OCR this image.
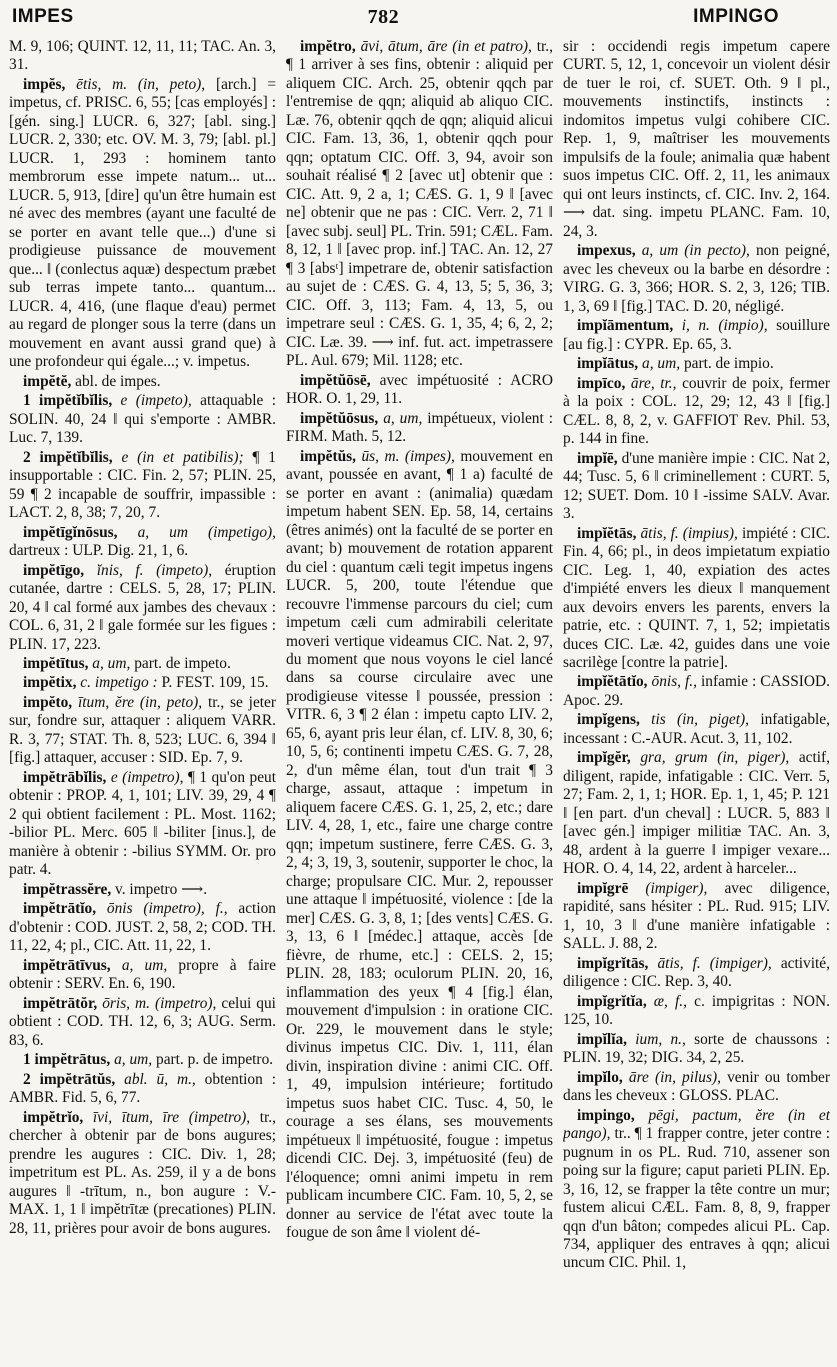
IMPES	782	IMPINGO

M. 9, 106; QUINT. 12, 11, 11; TAC. An. 3, 31.

impĕs, ētis, m. (in, peto), [arch.] = impetus, cf. PRISC. 6, 55; [cas employés] : [gén. sing.] LUCR. 6, 327; [abl. sing.] LUCR. 2, 330; etc. OV. M. 3, 79; [abl. pl.] LUCR. 1, 293 : hominem tanto membrorum esse impete natum... ut... LUCR. 5, 913, [dire] qu'un être humain est né avec des membres (ayant une faculté de se porter en avant telle que...) d'une si prodigieuse puissance de mouvement que... ‖ (conlectus aquæ) despectum præbet sub terras impete tanto... quantum... LUCR. 4, 416, (une flaque d'eau) permet au regard de plonger sous la terre (dans un mouvement en avant aussi grand que) à une profondeur qui égale...; v. impetus.

impĕtĕ, abl. de impes.

1 impĕtĭbĭlis, e (impeto), attaquable : SOLIN. 40, 24 ‖ qui s'emporte : AMBR. Luc. 7, 139.

2 impĕtĭbĭlis, e (in et patibilis); ¶ 1 insupportable : CIC. Fin. 2, 57; PLIN. 25, 59 ¶ 2 incapable de souffrir, impassible : LACT. 2, 8, 38; 7, 20, 7.

impĕtīgĭnōsus, a, um (impetigo), dartreux : ULP. Dig. 21, 1, 6.

impĕtīgo, ĭnis, f. (impeto), éruption cutanée, dartre : CELS. 5, 28, 17; PLIN. 20, 4 ‖ cal formé aux jambes des chevaux : COL. 6, 31, 2 ‖ gale formée sur les figues : PLIN. 17, 223.

impĕtītus, a, um, part. de impeto.

impĕtix, c. impetigo : P. FEST. 109, 15.

impĕto, ītum, ĕre (in, peto), tr., se jeter sur, fondre sur, attaquer : aliquem VARR. R. 3, 77; STAT. Th. 8, 523; LUC. 6, 394 ‖ [fig.] attaquer, accuser : SID. Ep. 7, 9.

impĕtrābĭlis, e (impetro), ¶ 1 qu'on peut obtenir : PROP. 4, 1, 101; LIV. 39, 29, 4 ¶ 2 qui obtient facilement : PL. Most. 1162; -bilior PL. Merc. 605 ‖ -biliter [inus.], de manière à obtenir : -bilius SYMM. Or. pro patr. 4.

impĕtrassĕre, v. impetro ⟶.

impĕtrātĭo, ōnis (impetro), f., action d'obtenir : COD. JUST. 2, 58, 2; COD. TH. 11, 22, 4; pl., CIC. Att. 11, 22, 1.

impĕtrātīvus, a, um, propre à faire obtenir : SERV. En. 6, 190.

impĕtrātŏr, ōris, m. (impetro), celui qui obtient : COD. TH. 12, 6, 3; AUG. Serm. 83, 6.

1 impĕtrātus, a, um, part. p. de impetro.

2 impĕtrātŭs, abl. ū, m., obtention : AMBR. Fid. 5, 6, 77.

impĕtrĭo, īvi, ītum, īre (impetro), tr., chercher à obtenir par de bons augures; prendre les augures : CIC. Div. 1, 28; impetritum est PL. As. 259, il y a de bons augures ‖ -trītum, n., bon augure : V.-MAX. 1, 1 ‖ impĕtrītæ (precationes) PLIN. 28, 11, prières pour avoir de bons augures.

impĕtro, āvi, ātum, āre (in et patro), tr., ¶ 1 arriver à ses fins, obtenir : aliquid per aliquem CIC. Arch. 25, obtenir qqch par l'entremise de qqn; aliquid ab aliquo CIC. Læ. 76, obtenir qqch de qqn; aliquid alicui CIC. Fam. 13, 36, 1, obtenir qqch pour qqn; optatum CIC. Off. 3, 94, avoir son souhait réalisé ¶ 2 [avec ut] obtenir que : CIC. Att. 9, 2 a, 1; CÆS. G. 1, 9 ‖ [avec ne] obtenir que ne pas : CIC. Verr. 2, 71 ‖ [avec subj. seul] PL. Trin. 591; CÆL. Fam. 8, 12, 1 ‖ [avec prop. inf.] TAC. An. 12, 27 ¶ 3 [absᵗ] impetrare de, obtenir satisfaction au sujet de : CÆS. G. 4, 13, 5; 5, 36, 3; CIC. Off. 3, 113; Fam. 4, 13, 5, ou impetrare seul : CÆS. G. 1, 35, 4; 6, 2, 2; CIC. Læ. 39. ⟶ inf. fut. act. impetrassere PL. Aul. 679; Mil. 1128; etc.

impĕtŭōsē, avec impétuosité : ACRO HOR. O. 1, 29, 11.

impĕtŭōsus, a, um, impétueux, violent : FIRM. Math. 5, 12.

impĕtŭs, ūs, m. (impes), mouvement en avant, poussée en avant, ¶ 1 a) faculté de se porter en avant : (animalia) quædam impetum habent SEN. Ep. 58, 14, certains (êtres animés) ont la faculté de se porter en avant; b) mouvement de rotation apparent du ciel : quantum cæli tegit impetus ingens LUCR. 5, 200, toute l'étendue que recouvre l'immense parcours du ciel; cum impetum cæli cum admirabili celeritate moveri vertique videamus CIC. Nat. 2, 97, du moment que nous voyons le ciel lancé dans sa course circulaire avec une prodigieuse vitesse ‖ poussée, pression : VITR. 6, 3 ¶ 2 élan : impetu capto LIV. 2, 65, 6, ayant pris leur élan, cf. LIV. 8, 30, 6; 10, 5, 6; continenti impetu CÆS. G. 7, 28, 2, d'un même élan, tout d'un trait ¶ 3 charge, assaut, attaque : impetum in aliquem facere CÆS. G. 1, 25, 2, etc.; dare LIV. 4, 28, 1, etc., faire une charge contre qqn; impetum sustinere, ferre CÆS. G. 3, 2, 4; 3, 19, 3, soutenir, supporter le choc, la charge; propulsare CIC. Mur. 2, repousser une attaque ‖ impétuosité, violence : [de la mer] CÆS. G. 3, 8, 1; [des vents] CÆS. G. 3, 13, 6 ‖ [médec.] attaque, accès [de fièvre, de rhume, etc.] : CELS. 2, 15; PLIN. 28, 183; oculorum PLIN. 20, 16, inflammation des yeux ¶ 4 [fig.] élan, mouvement d'impulsion : in oratione CIC. Or. 229, le mouvement dans le style; divinus impetus CIC. Div. 1, 111, élan divin, inspiration divine : animi CIC. Off. 1, 49, impulsion intérieure; fortitudo impetus suos habet CIC. Tusc. 4, 50, le courage a ses élans, ses mouvements impétueux ‖ impétuosité, fougue : impetus dicendi CIC. Dej. 3, impétuosité (feu) de l'éloquence; omni animi impetu in rem publicam incumbere CIC. Fam. 10, 5, 2, se donner au service de l'état avec toute la fougue de son âme ‖ violent dé-

sir : occidendi regis impetum capere CURT. 5, 12, 1, concevoir un violent désir de tuer le roi, cf. SUET. Oth. 9 ‖ pl., mouvements instinctifs, instincts : indomitos impetus vulgi cohibere CIC. Rep. 1, 9, maîtriser les mouvements impulsifs de la foule; animalia quæ habent suos impetus CIC. Off. 2, 11, les animaux qui ont leurs instincts, cf. CIC. Inv. 2, 164. ⟶ dat. sing. impetu PLANC. Fam. 10, 24, 3.

impexus, a, um (in pecto), non peigné, avec les cheveux ou la barbe en désordre : VIRG. G. 3, 366; HOR. S. 2, 3, 126; TIB. 1, 3, 69 ‖ [fig.] TAC. D. 20, négligé.

impĭāmentum, i, n. (impio), souillure [au fig.] : CYPR. Ep. 65, 3.

impĭātus, a, um, part. de impio.

impīco, āre, tr., couvrir de poix, fermer à la poix : COL. 12, 29; 12, 43 ‖ [fig.] CÆL. 8, 8, 2, v. GAFFIOT Rev. Phil. 53, p. 144 in fine.

impĭē, d'une manière impie : CIC. Nat 2, 44; Tusc. 5, 6 ‖ criminellement : CURT. 5, 12; SUET. Dom. 10 ‖ -issime SALV. Avar. 3.

impĭĕtās, ātis, f. (impius), impiété : CIC. Fin. 4, 66; pl., in deos impietatum expiatio CIC. Leg. 1, 40, expiation des actes d'impiété envers les dieux ‖ manquement aux devoirs envers les parents, envers la patrie, etc. : QUINT. 7, 1, 52; impietatis duces CIC. Læ. 42, guides dans une voie sacrilège [contre la patrie].

impĭĕtātĭo, ōnis, f., infamie : CASSIOD. Apoc. 29.

impĭgens, tis (in, piget), infatigable, incessant : C.-AUR. Acut. 3, 11, 102.

impĭgĕr, gra, grum (in, piger), actif, diligent, rapide, infatigable : CIC. Verr. 5, 27; Fam. 2, 1, 1; HOR. Ep. 1, 1, 45; P. 121 ‖ [en part. d'un cheval] : LUCR. 5, 883 ‖ [avec gén.] impiger militiæ TAC. An. 3, 48, ardent à la guerre ‖ impiger vexare... HOR. O. 4, 14, 22, ardent à harceler...

impĭgrē (impiger), avec diligence, rapidité, sans hésiter : PL. Rud. 915; LIV. 1, 10, 3 ‖ d'une manière infatigable : SALL. J. 88, 2.

impĭgrĭtās, ātis, f. (impiger), activité, diligence : CIC. Rep. 3, 40.

impĭgrĭtĭa, æ, f., c. impigritas : NON. 125, 10.

impĭlĭa, ium, n., sorte de chaussons : PLIN. 19, 32; DIG. 34, 2, 25.

impĭlo, āre (in, pilus), venir ou tomber dans les cheveux : GLOSS. PLAC.

impingo, pēgi, pactum, ĕre (in et pango), tr.. ¶ 1 frapper contre, jeter contre : pugnum in os PL. Rud. 710, assener son poing sur la figure; caput parieti PLIN. Ep. 3, 16, 12, se frapper la tête contre un mur; fustem alicui CÆL. Fam. 8, 8, 9, frapper qqn d'un bâton; compedes alicui PL. Cap. 734, appliquer des entraves à qqn; alicui uncum CIC. Phil. 1,
